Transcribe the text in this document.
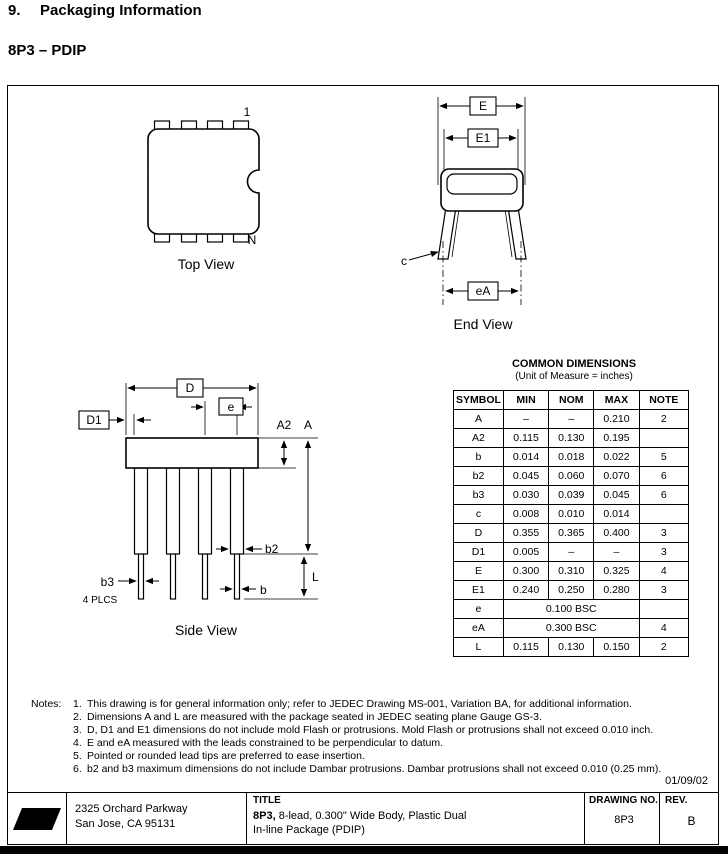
9. Packaging Information
8P3 – PDIP
1
N
Top View
E
E1
c
eA
End View
D
e
D1	A2 A
L
b2
b
b3
4 PLCS
Side View
COMMON DIMENSIONS
(Unit of Measure = inches)
SYMBOL	MIN	NOM	MAX	NOTE
A	–	–	0.210	2
A2	0.115	0.130	0.195	
b	0.014	0.018	0.022	5
b2	0.045	0.060	0.070	6
b3	0.030	0.039	0.045	6
c	0.008	0.010	0.014	
D	0.355	0.365	0.400	3
D1	0.005	–	–	3
E	0.300	0.310	0.325	4
E1	0.240	0.250	0.280	3
e	0.100 BSC			
eA	0.300 BSC			4
L	0.115	0.130	0.150	2
Notes:	1. This drawing is for general information only; refer to JEDEC Drawing MS-001, Variation BA, for additional information.
2. Dimensions A and L are measured with the package seated in JEDEC seating plane Gauge GS-3.
3. D, D1 and E1 dimensions do not include mold Flash or protrusions. Mold Flash or protrusions shall not exceed 0.010 inch.
4. E and eA measured with the leads constrained to be perpendicular to datum.
5. Pointed or rounded lead tips are preferred to ease insertion.
6. b2 and b3 maximum dimensions do not include Dambar protrusions. Dambar protrusions shall not exceed 0.010 (0.25 mm).
01/09/02
ATMEL
2325 Orchard Parkway
San Jose, CA 95131
TITLE
8P3, 8-lead, 0.300" Wide Body, Plastic Dual
In-line Package (PDIP)
DRAWING NO.
8P3
REV.
B
